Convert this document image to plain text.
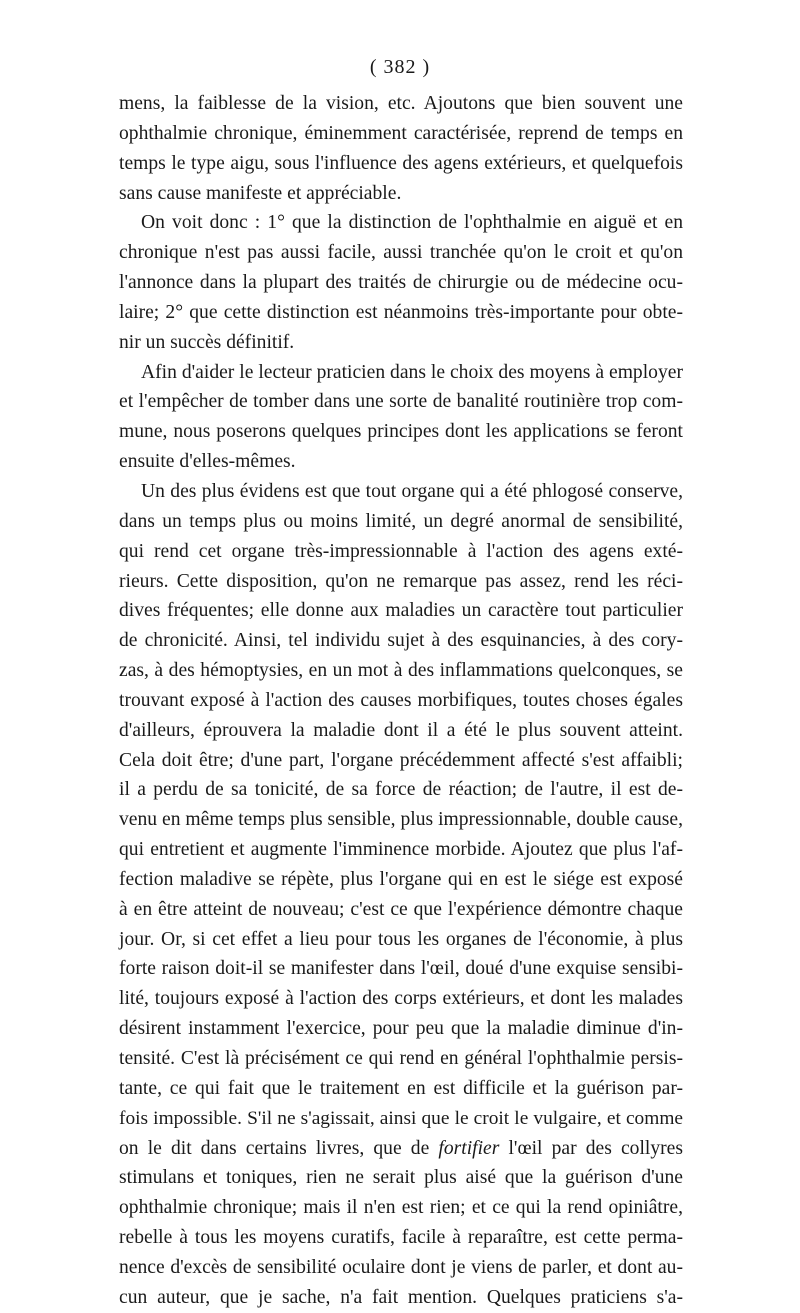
( 382 )
mens, la faiblesse de la vision, etc. Ajoutons que bien souvent une
ophthalmie chronique, éminemment caractérisée, reprend de temps en
temps le type aigu, sous l'influence des agens extérieurs, et quelquefois
sans cause manifeste et appréciable.
On voit donc : 1° que la distinction de l'ophthalmie en aiguë et en
chronique n'est pas aussi facile, aussi tranchée qu'on le croit et qu'on
l'annonce dans la plupart des traités de chirurgie ou de médecine ocu-
laire; 2° que cette distinction est néanmoins très-importante pour obte-
nir un succès définitif.
Afin d'aider le lecteur praticien dans le choix des moyens à employer
et l'empêcher de tomber dans une sorte de banalité routinière trop com-
mune, nous poserons quelques principes dont les applications se feront
ensuite d'elles-mêmes.
Un des plus évidens est que tout organe qui a été phlogosé conserve,
dans un temps plus ou moins limité, un degré anormal de sensibilité,
qui rend cet organe très-impressionnable à l'action des agens exté-
rieurs. Cette disposition, qu'on ne remarque pas assez, rend les réci-
dives fréquentes; elle donne aux maladies un caractère tout particulier
de chronicité. Ainsi, tel individu sujet à des esquinancies, à des cory-
zas, à des hémoptysies, en un mot à des inflammations quelconques, se
trouvant exposé à l'action des causes morbifiques, toutes choses égales
d'ailleurs, éprouvera la maladie dont il a été le plus souvent atteint.
Cela doit être; d'une part, l'organe précédemment affecté s'est affaibli;
il a perdu de sa tonicité, de sa force de réaction; de l'autre, il est de-
venu en même temps plus sensible, plus impressionnable, double cause,
qui entretient et augmente l'imminence morbide. Ajoutez que plus l'af-
fection maladive se répète, plus l'organe qui en est le siége est exposé
à en être atteint de nouveau; c'est ce que l'expérience démontre chaque
jour. Or, si cet effet a lieu pour tous les organes de l'économie, à plus
forte raison doit-il se manifester dans l'œil, doué d'une exquise sensibi-
lité, toujours exposé à l'action des corps extérieurs, et dont les malades
désirent instamment l'exercice, pour peu que la maladie diminue d'in-
tensité. C'est là précisément ce qui rend en général l'ophthalmie persis-
tante, ce qui fait que le traitement en est difficile et la guérison par-
fois impossible. S'il ne s'agissait, ainsi que le croit le vulgaire, et comme
on le dit dans certains livres, que de fortifier l'œil par des collyres
stimulans et toniques, rien ne serait plus aisé que la guérison d'une
ophthalmie chronique; mais il n'en est rien; et ce qui la rend opiniâtre,
rebelle à tous les moyens curatifs, facile à reparaître, est cette perma-
nence d'excès de sensibilité oculaire dont je viens de parler, et dont au-
cun auteur, que je sache, n'a fait mention. Quelques praticiens s'a-
